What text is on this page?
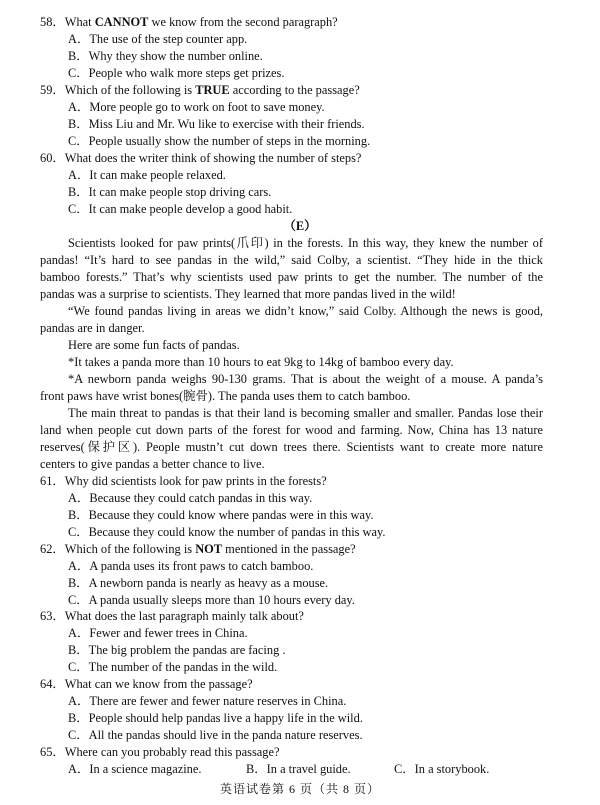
58．What CANNOT we know from the second paragraph?
A．The use of the step counter app.
B．Why they show the number online.
C．People who walk more steps get prizes.
59．Which of the following is TRUE according to the passage?
A．More people go to work on foot to save money.
B．Miss Liu and Mr. Wu like to exercise with their friends.
C．People usually show the number of steps in the morning.
60．What does the writer think of showing the number of steps?
A．It can make people relaxed.
B．It can make people stop driving cars.
C．It can make people develop a good habit.
（E）
Scientists looked for paw prints(爪印) in the forests. In this way, they knew the number of
pandas! “It’s hard to see pandas in the wild,” said Colby, a scientist. “They hide in the thick
bamboo forests.” That’s why scientists used paw prints to get the number. The number of the
pandas was a surprise to scientists. They learned that more pandas lived in the wild!
“We found pandas living in areas we didn’t know,” said Colby. Although the news is good,
pandas are in danger.
Here are some fun facts of pandas.
*It takes a panda more than 10 hours to eat 9kg to 14kg of bamboo every day.
*A newborn panda weighs 90-130 grams. That is about the weight of a mouse. A panda’s
front paws have wrist bones(腕骨). The panda uses them to catch bamboo.
The main threat to pandas is that their land is becoming smaller and smaller. Pandas lose their
land when people cut down parts of the forest for wood and farming. Now, China has 13 nature
reserves(保护区). People mustn’t cut down trees there. Scientists want to create more nature
centers to give pandas a better chance to live.
61．Why did scientists look for paw prints in the forests?
A．Because they could catch pandas in this way.
B．Because they could know where pandas were in this way.
C．Because they could know the number of pandas in this way.
62．Which of the following is NOT mentioned in the passage?
A．A panda uses its front paws to catch bamboo.
B．A newborn panda is nearly as heavy as a mouse.
C．A panda usually sleeps more than 10 hours every day.
63．What does the last paragraph mainly talk about?
A．Fewer and fewer trees in China.
B．The big problem the pandas are facing .
C．The number of the pandas in the wild.
64．What can we know from the passage?
A．There are fewer and fewer nature reserves in China.
B．People should help pandas live a happy life in the wild.
C．All the pandas should live in the panda nature reserves.
65．Where can you probably read this passage?
A．In a science magazine.	B．In a travel guide.	C．In a storybook.
英语试卷第 6 页（共 8 页）
